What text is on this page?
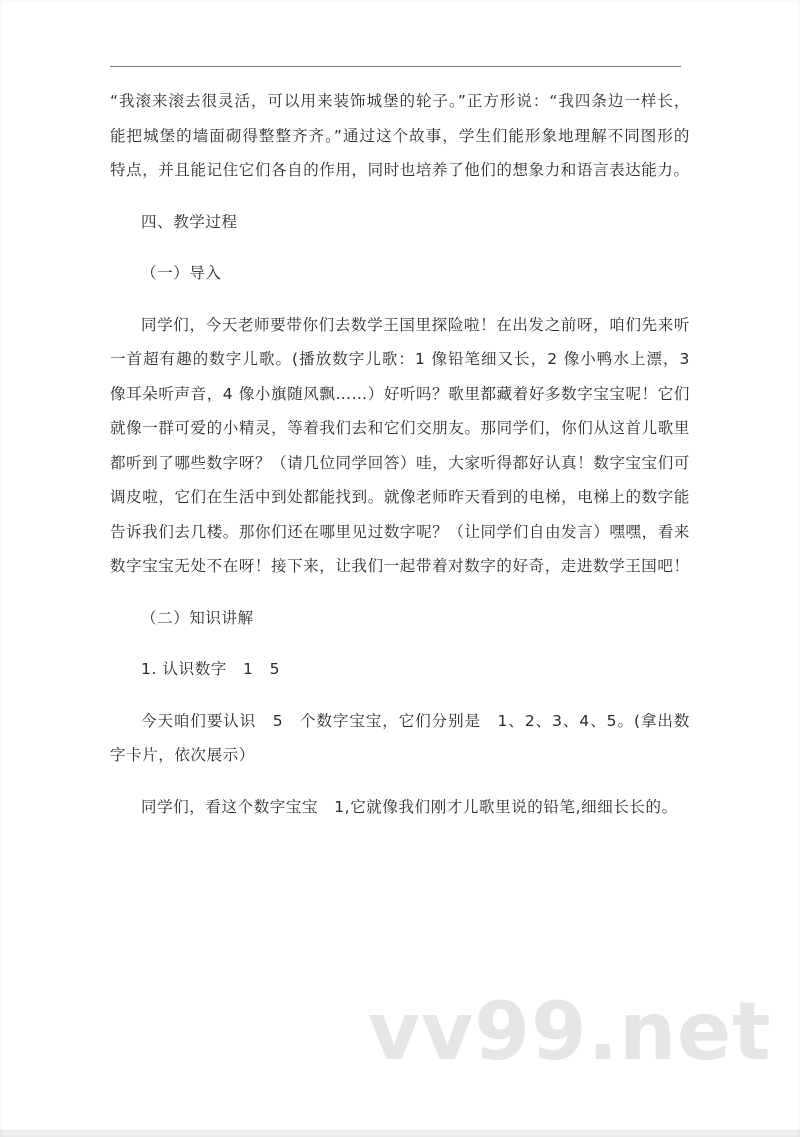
“我滚来滚去很灵活，可以用来装饰城堡的轮子。”正方形说：“我四条边一样长，能把城堡的墙面砌得整整齐齐。”通过这个故事，学生们能形象地理解不同图形的特点，并且能记住它们各自的作用，同时也培养了他们的想象力和语言表达能力。

四、教学过程

（一）导入

同学们，今天老师要带你们去数学王国里探险啦！在出发之前呀，咱们先来听一首超有趣的数字儿歌。(播放数字儿歌：1 像铅笔细又长，2 像小鸭水上漂，3 像耳朵听声音，4 像小旗随风飘……）好听吗？歌里都藏着好多数字宝宝呢！它们就像一群可爱的小精灵，等着我们去和它们交朋友。那同学们，你们从这首儿歌里都听到了哪些数字呀？（请几位同学回答）哇，大家听得都好认真！数字宝宝们可调皮啦，它们在生活中到处都能找到。就像老师昨天看到的电梯，电梯上的数字能告诉我们去几楼。那你们还在哪里见过数字呢？（让同学们自由发言）嘿嘿，看来数字宝宝无处不在呀！接下来，让我们一起带着对数字的好奇，走进数学王国吧！

（二）知识讲解

1. 认识数字　1　5

今天咱们要认识　5　个数字宝宝，它们分别是　1、2、3、4、5。(拿出数字卡片，依次展示）

同学们，看这个数字宝宝　1,它就像我们刚才儿歌里说的铅笔,细细长长的。

vv99.net
